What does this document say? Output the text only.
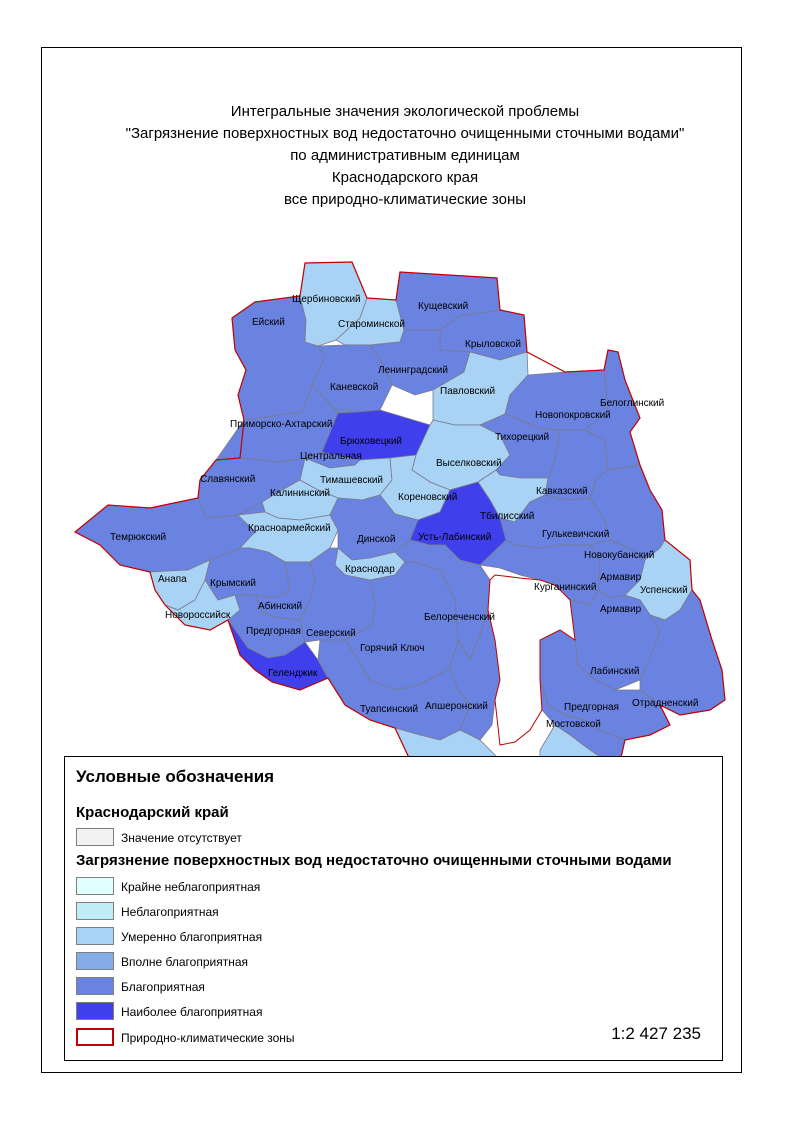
Интегральные значения экологической проблемы
"Загрязнение поверхностных вод недостаточно очищенными сточными водами"
по административным единицам
Краснодарского края
все природно-климатические зоны
Щербиновский
Ейский	Староминской
Кущевский
Крыловской
Ленинградский
Каневской	Павловский
Белоглинский
Новопокровский
Приморско-Ахтарский
Брюховецкий
Центральная
Тихорецкий
Выселковский
Славянский	Тимашевский
Калининский	Кореновский
Кавказский
Тбилисский
Темрюкский
Красноармейский
Динской Усть-Лабинский	Гулькевичский
Новокубанский
Краснодар
Анапа Крымский
Армавир
Курганинский	Успенский
Новороссийск
Абинский
Белореченский
Предгорная Северский
Горячий Ключ
Армавир
Лабинский
Отрадненский
Геленджик
Предгорная
Апшеронский
Туапсинский
Мостовской
Условные обозначения
Краснодарский край
Значение отсутствует
Загрязнение поверхностных вод недостаточно очищенными сточными водами
Крайне неблагоприятная
Неблагоприятная
Умеренно благоприятная
Вполне благоприятная
Благоприятная
Наиболее благоприятная
Природно-климатические зоны	1:2 427 235
